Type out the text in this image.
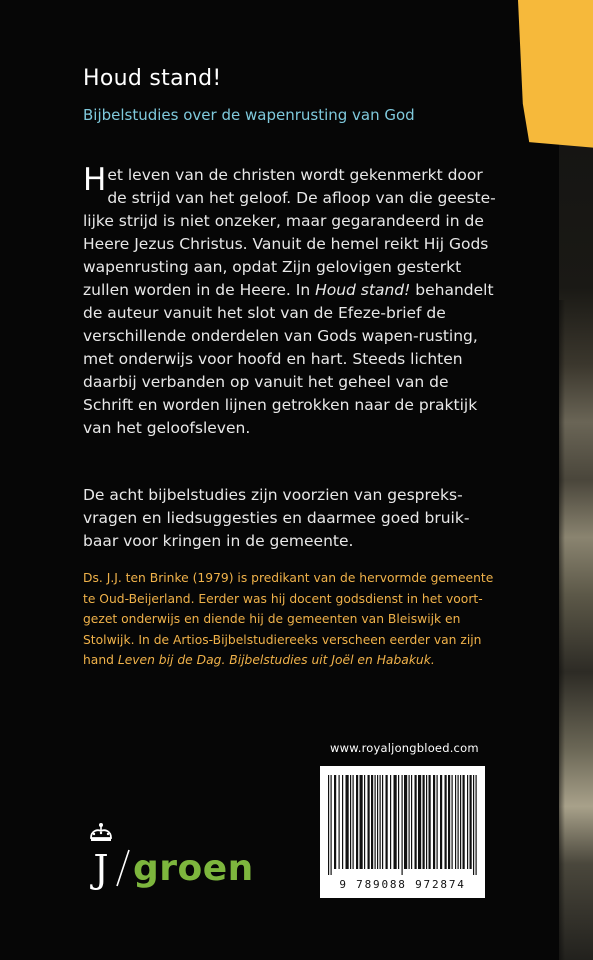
Houd stand!
Bijbelstudies over de wapenrusting van God

Het leven van de christen wordt gekenmerkt door de strijd van het geloof. De afloop van die geeste-lijke strijd is niet onzeker, maar gegarandeerd in de Heere Jezus Christus. Vanuit de hemel reikt Hij Gods wapenrusting aan, opdat Zijn gelovigen gesterkt zullen worden in de Heere. In Houd stand! behandelt de auteur vanuit het slot van de Efeze-brief de verschillende onderdelen van Gods wapen-rusting, met onderwijs voor hoofd en hart. Steeds lichten daarbij verbanden op vanuit het geheel van de Schrift en worden lijnen getrokken naar de praktijk van het geloofsleven.

De acht bijbelstudies zijn voorzien van gespreks-vragen en liedsuggesties en daarmee goed bruik-baar voor kringen in de gemeente.

Ds. J.J. ten Brinke (1979) is predikant van de hervormde gemeente te Oud-Beijerland. Eerder was hij docent godsdienst in het voort-gezet onderwijs en diende hij de gemeenten van Bleiswijk en Stolwijk. In de Artios-Bijbelstudiereeks verscheen eerder van zijn hand Leven bij de Dag. Bijbelstudies uit Joël en Habakuk.

www.royaljongbloed.com
9 789088 972874
J groen
